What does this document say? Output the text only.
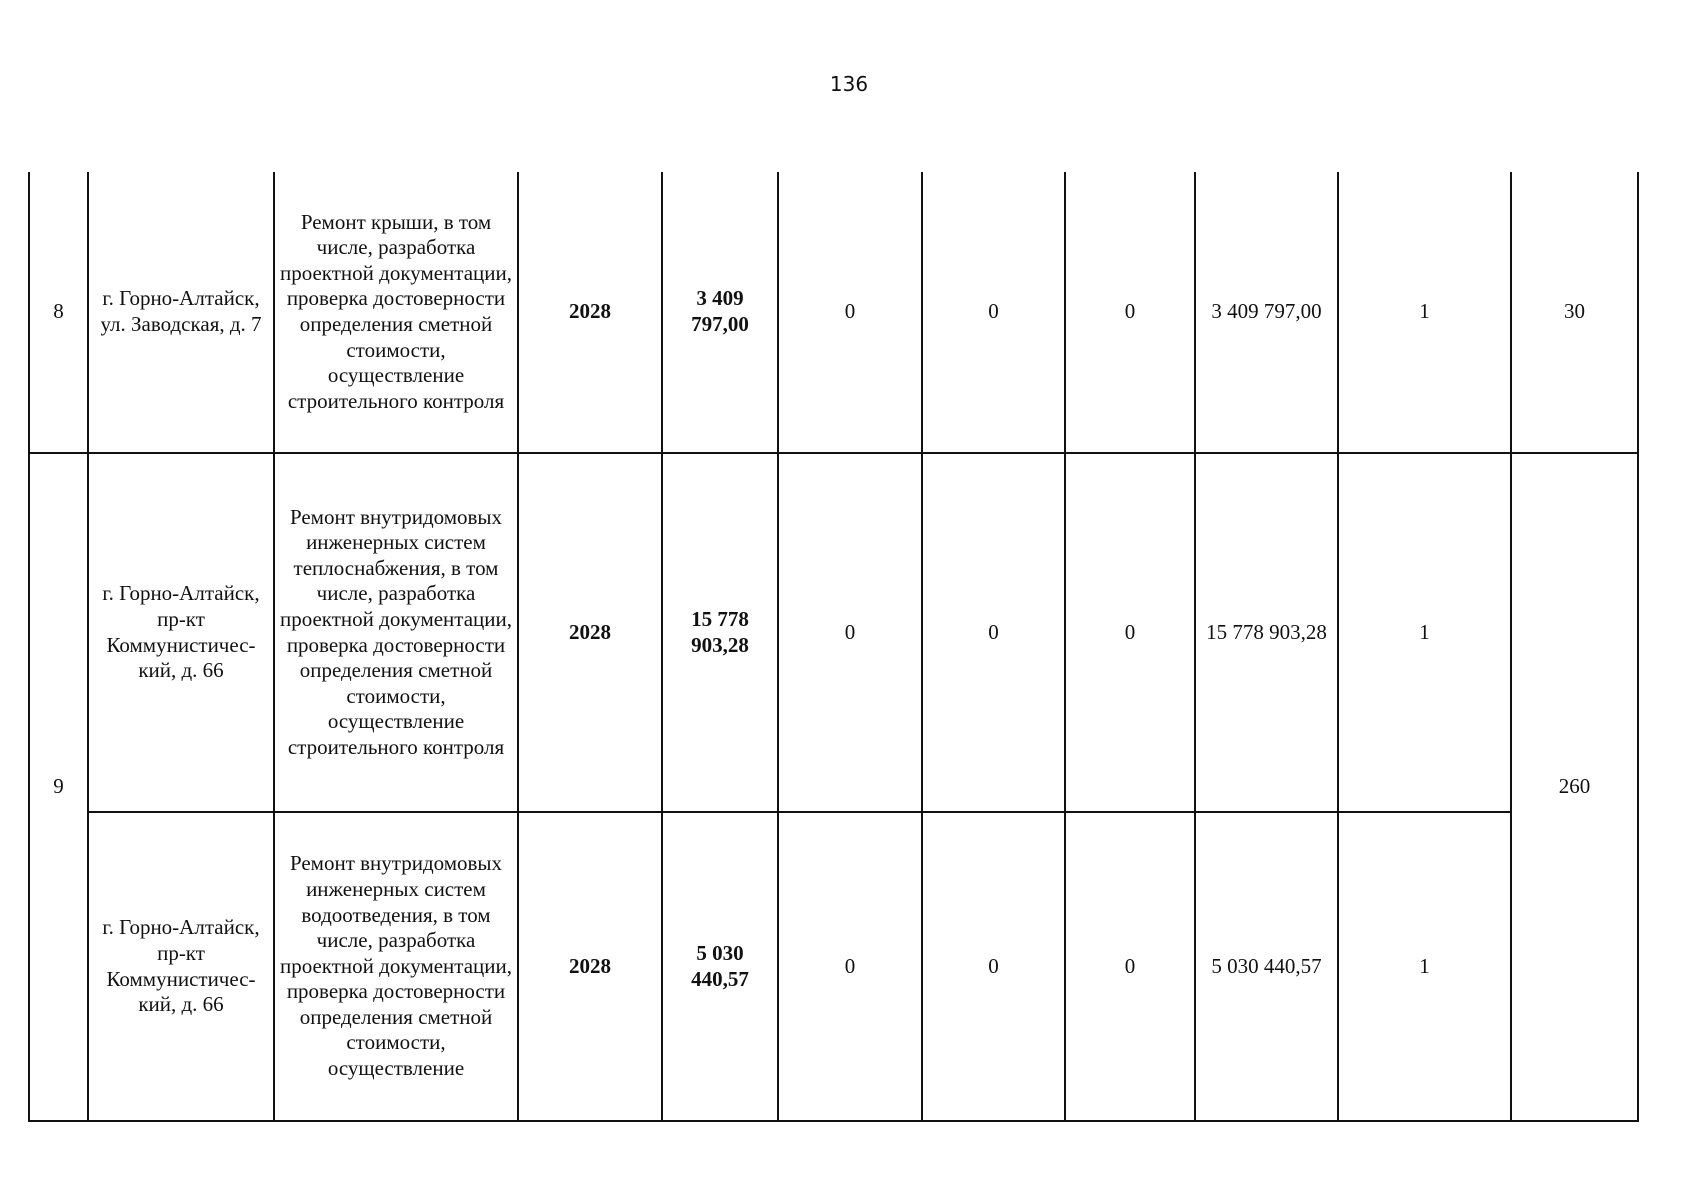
136
8	г. Горно-Алтайск, ул. Заводская, д. 7	Ремонт крыши, в том числе, разработка проектной документации, проверка достоверности определения сметной стоимости, осуществление строительного контроля	2028	3 409 797,00	0	0	0	3 409 797,00	1	30
9	г. Горно-Алтайск, пр-кт Коммунистичес-кий, д. 66	Ремонт внутридомовых инженерных систем теплоснабжения, в том числе, разработка проектной документации, проверка достоверности определения сметной стоимости, осуществление строительного контроля	2028	15 778 903,28	0	0	0	15 778 903,28	1	260
	г. Горно-Алтайск, пр-кт Коммунистичес-кий, д. 66	Ремонт внутридомовых инженерных систем водоотведения, в том числе, разработка проектной документации, проверка достоверности определения сметной стоимости, осуществление	2028	5 030 440,57	0	0	0	5 030 440,57	1	
